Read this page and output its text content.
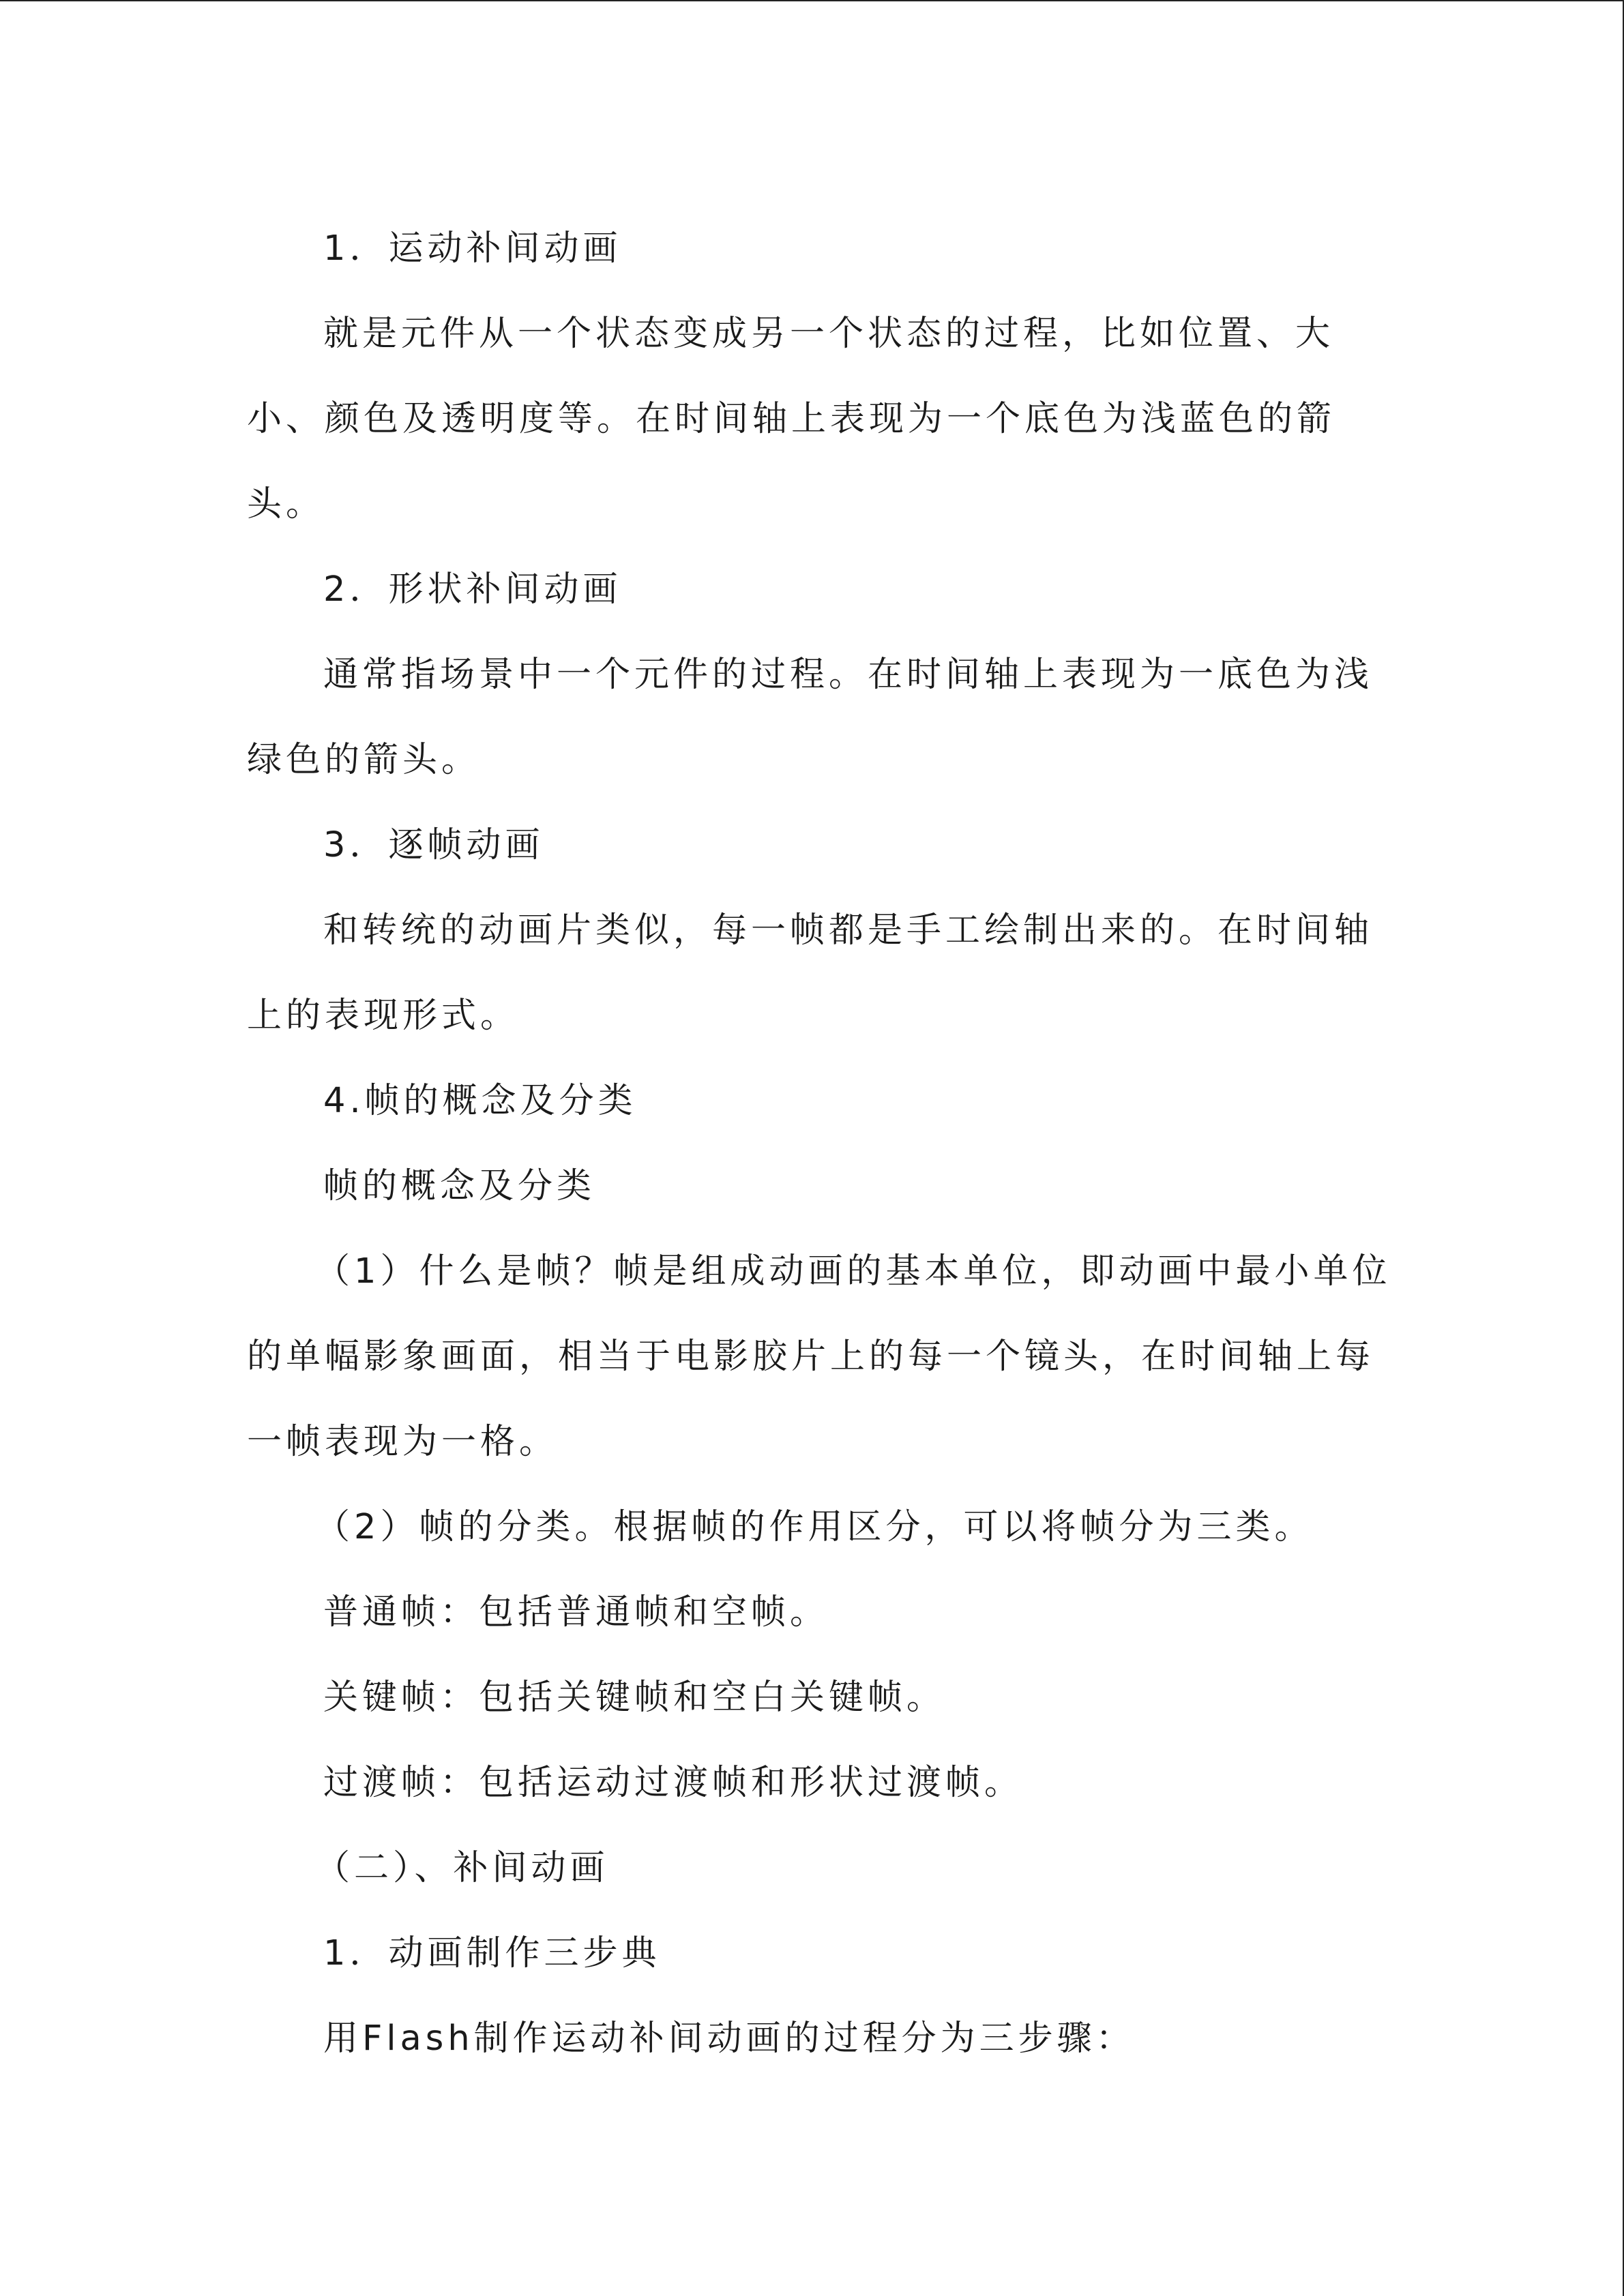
1．运动补间动画

就是元件从一个状态变成另一个状态的过程，比如位置、大

小、颜色及透明度等。在时间轴上表现为一个底色为浅蓝色的箭

头。

2．形状补间动画

通常指场景中一个元件的过程。在时间轴上表现为一底色为浅

绿色的箭头。

3．逐帧动画

和转统的动画片类似，每一帧都是手工绘制出来的。在时间轴

上的表现形式。

4.帧的概念及分类

帧的概念及分类

（1）什么是帧？帧是组成动画的基本单位，即动画中最小单位

的单幅影象画面，相当于电影胶片上的每一个镜头，在时间轴上每

一帧表现为一格。

（2）帧的分类。根据帧的作用区分，可以将帧分为三类。

普通帧：包括普通帧和空帧。

关键帧：包括关键帧和空白关键帧。

过渡帧：包括运动过渡帧和形状过渡帧。

（二）、补间动画

1．动画制作三步典

用Flash制作运动补间动画的过程分为三步骤：
